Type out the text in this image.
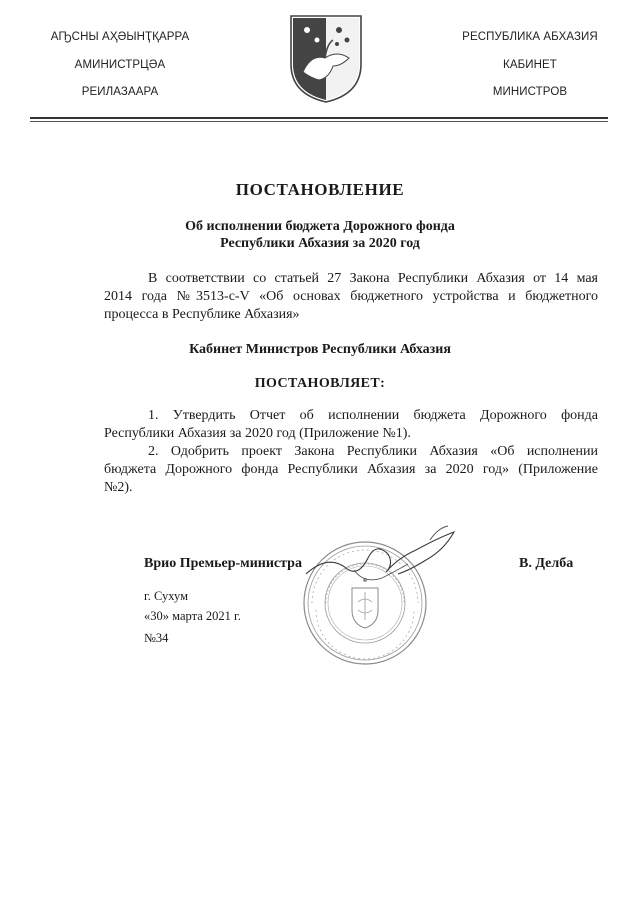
АҦСНЫ АҲӘЫНҬҚАРРА
АМИНИСТРЦӘА
РЕИЛАЗААРА
РЕСПУБЛИКА АБХАЗИЯ
КАБИНЕТ
МИНИСТРОВ
ПОСТАНОВЛЕНИЕ
Об исполнении бюджета Дорожного фонда
Республики Абхазия за 2020 год
В соответствии со статьей 27 Закона Республики Абхазия от 14 мая
2014 года №3513-с-V «Об основах бюджетного устройства и бюджетного
процесса в Республике Абхазия»
Кабинет Министров Республики Абхазия
ПОСТАНОВЛЯЕТ:
1. Утвердить Отчет об исполнении бюджета Дорожного фонда
Республики Абхазия за 2020 год (Приложение №1).
2. Одобрить проект Закона Республики Абхазия «Об исполнении
бюджета Дорожного фонда Республики Абхазия за 2020 год» (Приложение
№2).
Врио Премьер-министра	В. Делба
г. Сухум
«30» марта 2021 г.
№34
